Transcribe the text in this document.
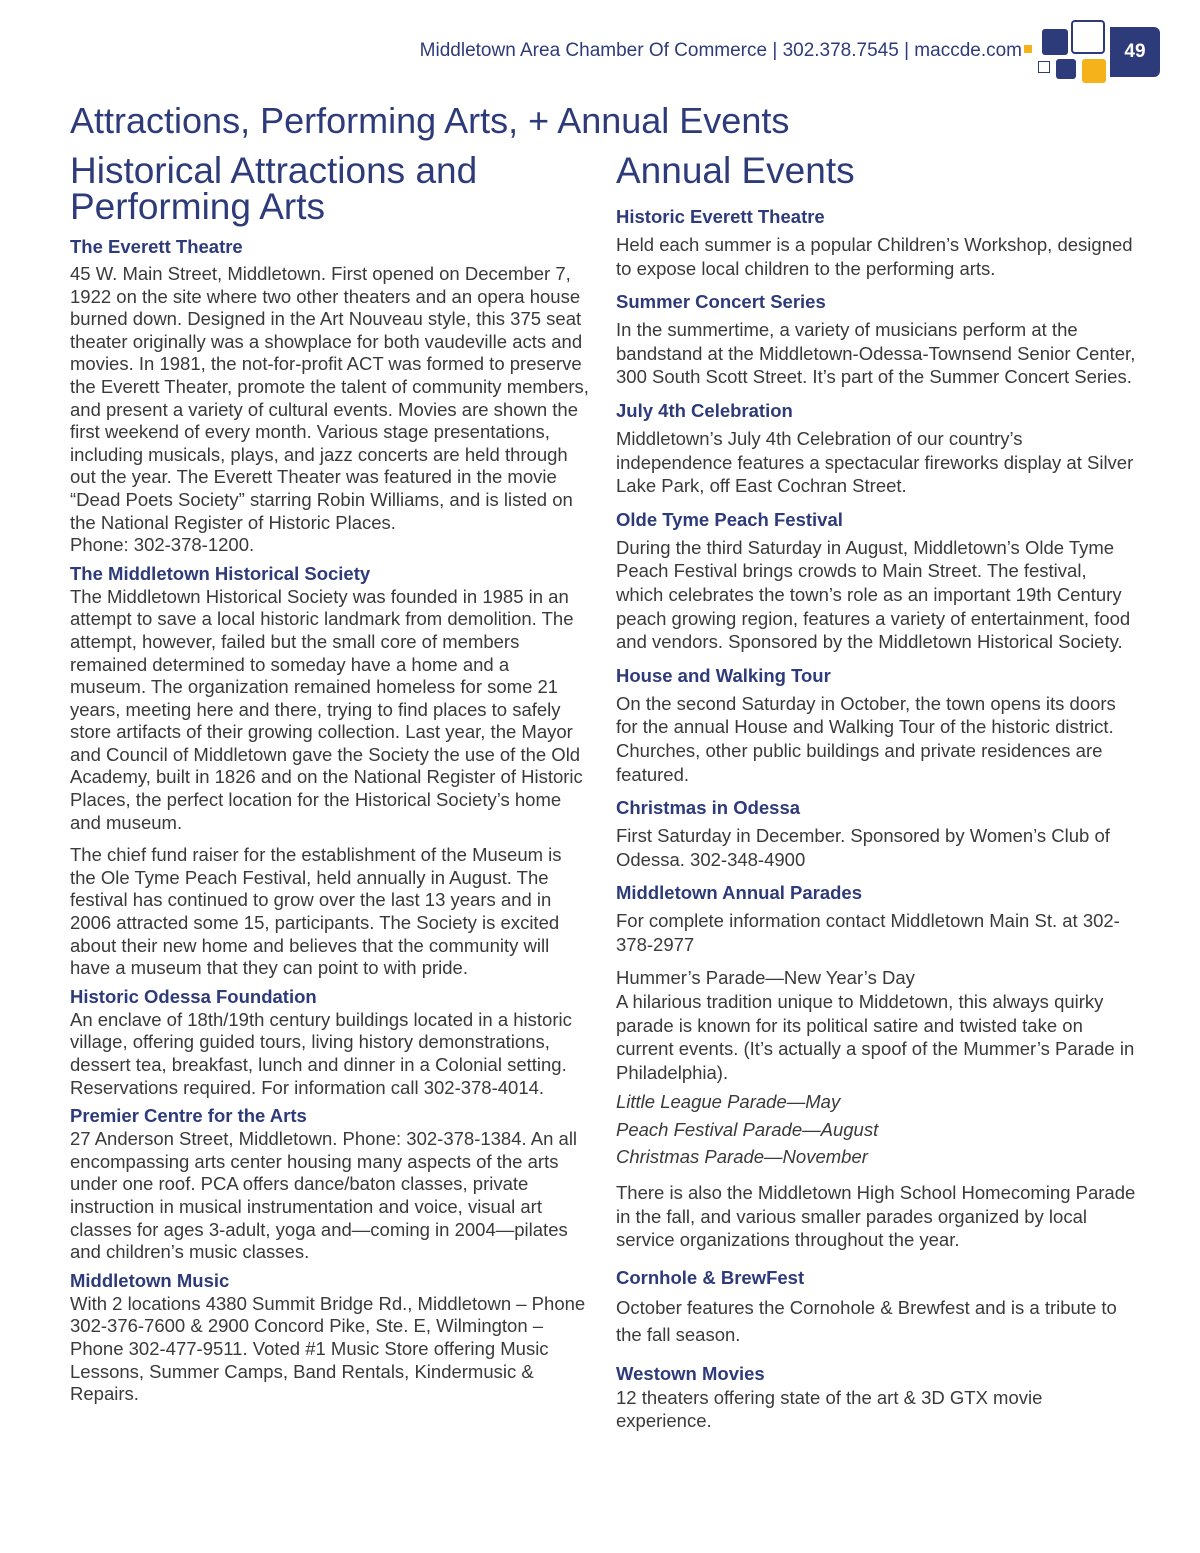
Middletown Area Chamber Of Commerce | 302.378.7545 | maccde.com	49
Attractions, Performing Arts, + Annual Events
Historical Attractions and Performing Arts
The Everett Theatre

45 W. Main Street, Middletown. First opened on December 7, 1922 on the site where two other theaters and an opera house burned down. Designed in the Art Nouveau style, this 375 seat theater originally was a showplace for both vaudeville acts and movies. In 1981, the not-for-profit ACT was formed to preserve the Everett Theater, promote the talent of community members, and present a variety of cultural events. Movies are shown the first weekend of every month. Various stage presentations, including musicals, plays, and jazz concerts are held through out the year. The Everett Theater was featured in the movie “Dead Poets Society” starring Robin Williams, and is listed on the National Register of Historic Places.

Phone: 302-378-1200.

The Middletown Historical Society

The Middletown Historical Society was founded in 1985 in an attempt to save a local historic landmark from demolition. The attempt, however, failed but the small core of members remained determined to someday have a home and a museum. The organization remained homeless for some 21 years, meeting here and there, trying to find places to safely store artifacts of their growing collection. Last year, the Mayor and Council of Middletown gave the Society the use of the Old Academy, built in 1826 and on the National Register of Historic Places, the perfect location for the Historical Society’s home and museum.

The chief fund raiser for the establishment of the Museum is the Ole Tyme Peach Festival, held annually in August. The festival has continued to grow over the last 13 years and in 2006 attracted some 15, participants. The Society is excited about their new home and believes that the community will have a museum that they can point to with pride.

Historic Odessa Foundation

An enclave of 18th/19th century buildings located in a historic village, offering guided tours, living history demonstrations, dessert tea, breakfast, lunch and dinner in a Colonial setting. Reservations required. For information call 302-378-4014.

Premier Centre for the Arts

27 Anderson Street, Middletown. Phone: 302-378-1384. An all encompassing arts center housing many aspects of the arts under one roof. PCA offers dance/baton classes, private instruction in musical instrumentation and voice, visual art classes for ages 3-adult, yoga and—coming in 2004—pilates and children’s music classes.

Middletown Music

With 2 locations 4380 Summit Bridge Rd., Middletown – Phone 302-376-7600 & 2900 Concord Pike, Ste. E, Wilmington – Phone 302-477-9511. Voted #1 Music Store offering Music Lessons, Summer Camps, Band Rentals, Kindermusic & Repairs.

Annual Events
Historic Everett Theatre

Held each summer is a popular Children’s Workshop, designed to expose local children to the performing arts.

Summer Concert Series

In the summertime, a variety of musicians perform at the bandstand at the Middletown-Odessa-Townsend Senior Center, 300 South Scott Street. It’s part of the Summer Concert Series.

July 4th Celebration

Middletown’s July 4th Celebration of our country’s independence features a spectacular fireworks display at Silver Lake Park, off East Cochran Street.

Olde Tyme Peach Festival

During the third Saturday in August, Middletown’s Olde Tyme Peach Festival brings crowds to Main Street. The festival, which celebrates the town’s role as an important 19th Century peach growing region, features a variety of entertainment, food and vendors. Sponsored by the Middletown Historical Society.

House and Walking Tour

On the second Saturday in October, the town opens its doors for the annual House and Walking Tour of the historic district. Churches, other public buildings and private residences are featured.

Christmas in Odessa

First Saturday in December. Sponsored by Women’s Club of Odessa. 302-348-4900

Middletown Annual Parades

For complete information contact Middletown Main St. at 302-378-2977

Hummer’s Parade—New Year’s Day

A hilarious tradition unique to Middetown, this always quirky parade is known for its political satire and twisted take on current events. (It’s actually a spoof of the Mummer’s Parade in Philadelphia).

Little League Parade—May

Peach Festival Parade—August

Christmas Parade—November

There is also the Middletown High School Homecoming Parade in the fall, and various smaller parades organized by local service organizations throughout the year.

Cornhole & BrewFest

October features the Cornohole & Brewfest and is a tribute to the fall season.

Westown Movies

12 theaters offering state of the art & 3D GTX movie experience.
